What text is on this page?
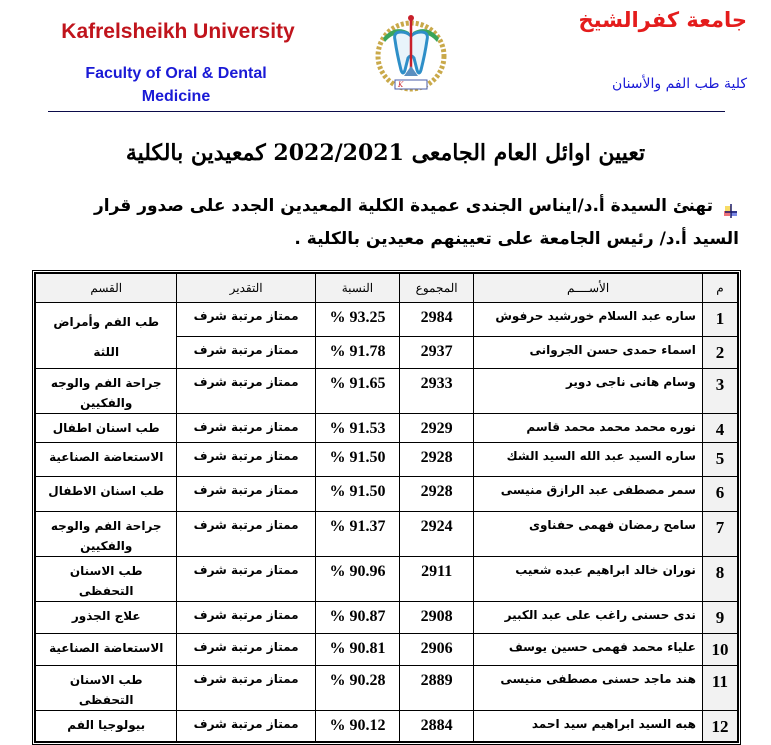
Kafrelsheikh University
Faculty of Oral & Dental Medicine
K
جامعة كفرالشيخ
كلية طب الفم والأسنان
تعيين اوائل العام الجامعى 2022/2021 كمعيدين بالكلية
تهنئ السيدة أ.د/ايناس الجندى عميدة الكلية المعيدين الجدد على صدور قرار السيد أ.د/ رئيس الجامعة على تعيينهم معيدين بالكلية .
م	الأســــم	المجموع	النسبة	التقدير	القسم
1	ساره عبد السلام خورشيد حرفوش	2984	93.25 %	ممتاز مرتبة شرف	طب الفم وأمراض اللثة
2	اسماء حمدى حسن الجروانى	2937	91.78 %	ممتاز مرتبة شرف	
3	وسام هانى ناجى دوير	2933	91.65 %	ممتاز مرتبة شرف	جراحة الفم والوجه والفكيين
4	نوره محمد محمد محمد قاسم	2929	91.53 %	ممتاز مرتبة شرف	طب اسنان اطفال
5	ساره السيد عبد الله السيد الشك	2928	91.50 %	ممتاز مرتبة شرف	الاستعاضة الصناعية
6	سمر مصطفى عبد الرازق منيسى	2928	91.50 %	ممتاز مرتبة شرف	طب اسنان الاطفال
7	سامح رمضان فهمى حفناوى	2924	91.37 %	ممتاز مرتبة شرف	جراحة الفم والوجه والفكيين
8	نوران خالد ابراهيم عبده شعيب	2911	90.96 %	ممتاز مرتبة شرف	طب الاسنان التحفظى
9	ندى حسنى راغب على عبد الكبير	2908	90.87 %	ممتاز مرتبة شرف	علاج الجذور
10	علياء محمد فهمى حسين يوسف	2906	90.81 %	ممتاز مرتبة شرف	الاستعاضة الصناعية
11	هند ماجد حسنى مصطفى منيسى	2889	90.28 %	ممتاز مرتبة شرف	طب الاسنان التحفظى
12	هبه السيد ابراهيم سيد احمد	2884	90.12 %	ممتاز مرتبة شرف	بيولوجيا الفم
